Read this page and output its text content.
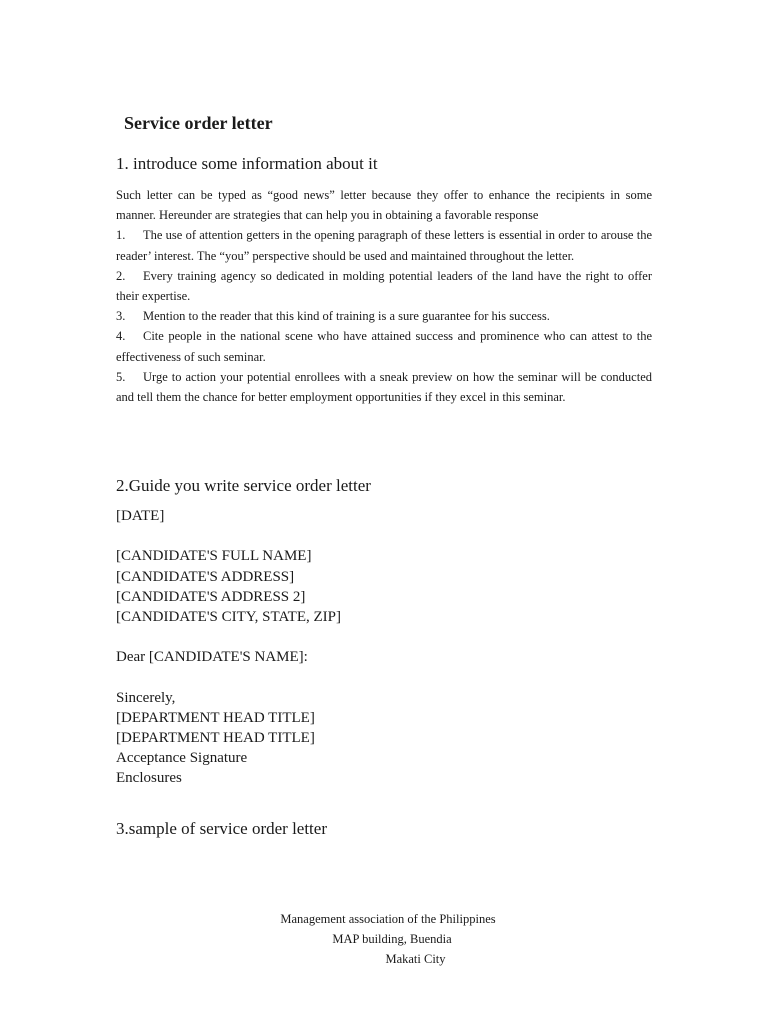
Service order letter
1. introduce some information about it

Such letter can be typed as “good news” letter because they offer to enhance the recipients in some manner. Hereunder are strategies that can help you in obtaining a favorable response

1. The use of attention getters in the opening paragraph of these letters is essential in order to arouse the reader’ interest. The “you” perspective should be used and maintained throughout the letter.

2. Every training agency so dedicated in molding potential leaders of the land have the right to offer their expertise.

3. Mention to the reader that this kind of training is a sure guarantee for his success.

4. Cite people in the national scene who have attained success and prominence who can attest to the effectiveness of such seminar.

5. Urge to action your potential enrollees with a sneak preview on how the seminar will be conducted and tell them the chance for better employment opportunities if they excel in this seminar.

2.Guide you write service order letter
[DATE]
[CANDIDATE'S FULL NAME]
[CANDIDATE'S ADDRESS]
[CANDIDATE'S ADDRESS 2]
[CANDIDATE'S CITY, STATE, ZIP]
Dear [CANDIDATE'S NAME]:
Sincerely,
[DEPARTMENT HEAD TITLE]
[DEPARTMENT HEAD TITLE]
Acceptance Signature
Enclosures
3.sample of service order letter
Management association of the Philippines
MAP building, Buendia
Makati City
